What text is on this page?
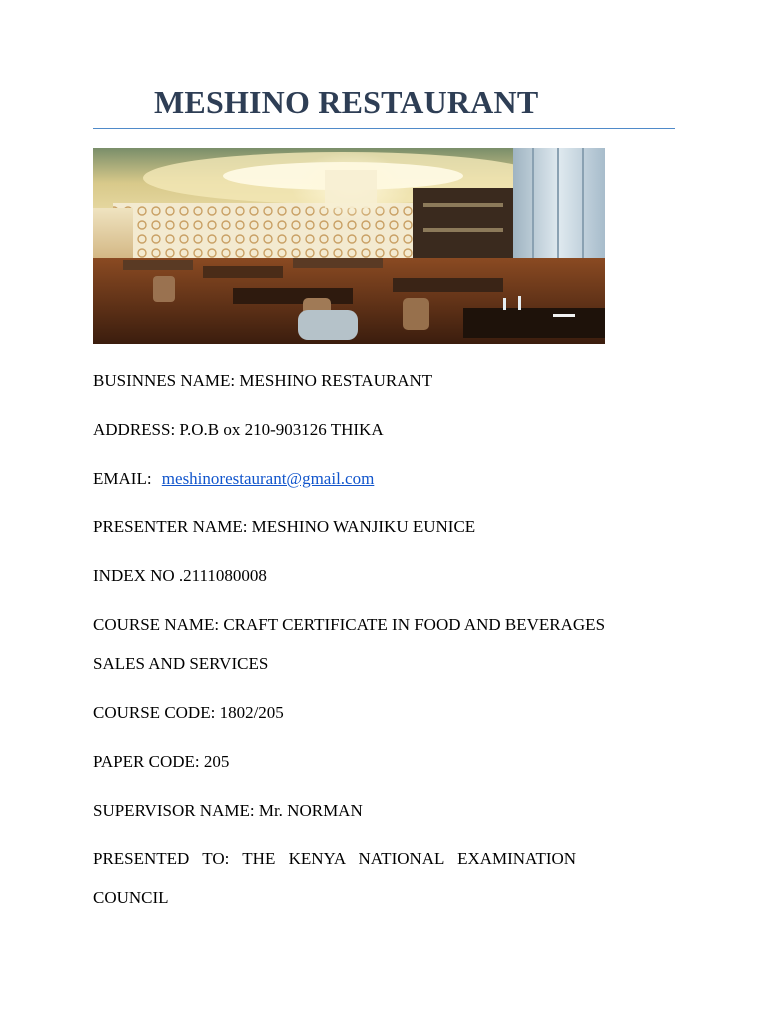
MESHINO RESTAURANT

BUSINNES NAME: MESHINO RESTAURANT

ADDRESS: P.O.B ox 210-903126 THIKA

EMAIL: meshinorestaurant@gmail.com

PRESENTER NAME: MESHINO WANJIKU EUNICE

INDEX NO .2111080008

COURSE NAME: CRAFT CERTIFICATE IN FOOD AND BEVERAGES

SALES AND SERVICES

COURSE CODE: 1802/205

PAPER CODE: 205

SUPERVISOR NAME: Mr. NORMAN

PRESENTED TO: THE KENYA NATIONAL EXAMINATION

COUNCIL
